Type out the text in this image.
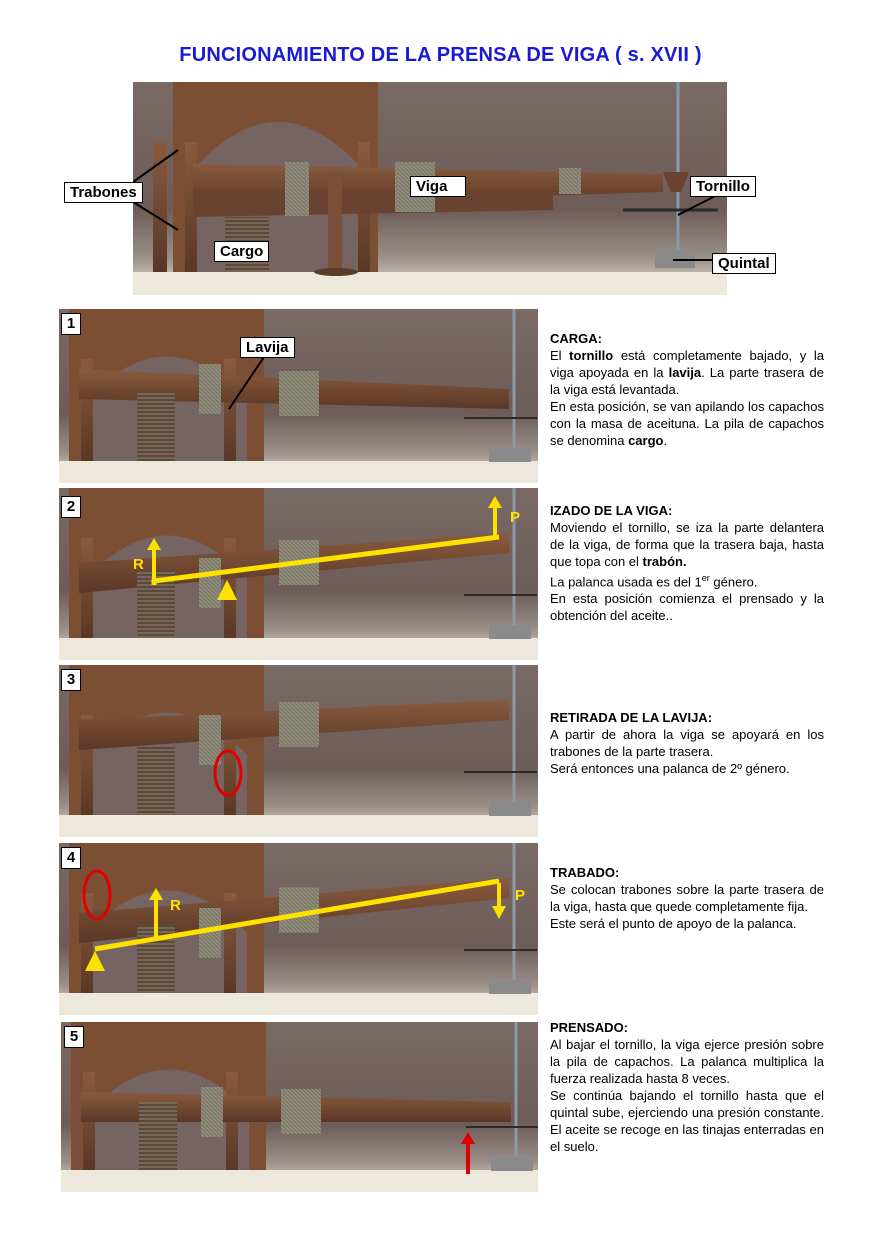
FUNCIONAMIENTO DE LA PRENSA DE VIGA ( s. XVII )
Trabones	Viga	Tornillo
Cargo
Quintal
1
Lavija
CARGA:

El tornillo está completamente bajado, y la viga apoyada en la lavija. La parte trasera de la viga está levantada.
En esta posición, se van apilando los capachos con la masa de aceituna. La pila de capachos se denomina cargo.

2
R
P IZADO DE LA VIGA:

Moviendo el tornillo, se iza la parte delantera de la viga, de forma que la trasera baja, hasta que topa con el trabón.
La palanca usada es del 1er género.
En esta posición comienza el prensado y la obtención del aceite..

3
RETIRADA DE LA LAVIJA:

A partir de ahora la viga se apoyará en los trabones de la parte trasera.
Será entonces una palanca de 2º género.

4
R
P
TRABADO:

Se colocan trabones sobre la parte trasera de la viga, hasta que quede completamente fija.
Este será el punto de apoyo de la palanca.

5
PRENSADO:

Al bajar el tornillo, la viga ejerce presión sobre la pila de capachos. La palanca multiplica la fuerza realizada hasta 8 veces.
Se continúa bajando el tornillo hasta que el quintal sube, ejerciendo una presión constante. El aceite se recoge en las tinajas enterradas en el suelo.
